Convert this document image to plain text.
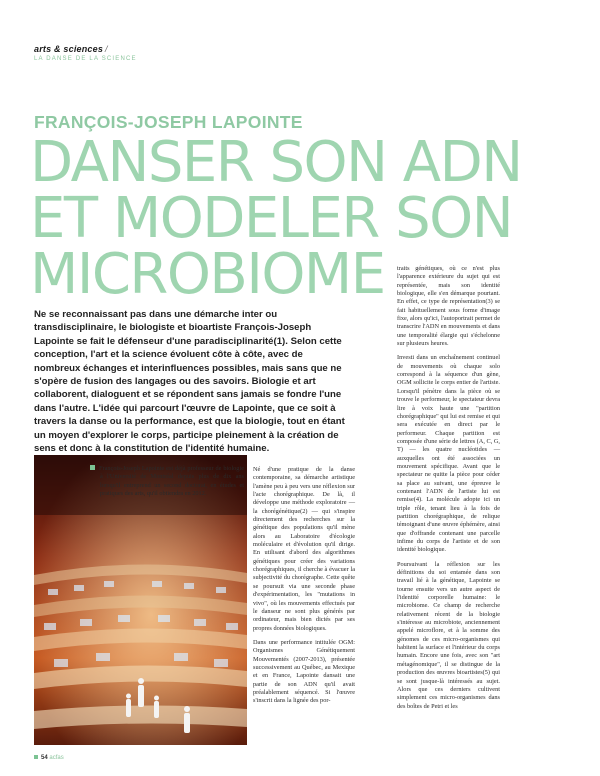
arts & sciences /
LA DANSE DE LA SCIENCE
FRANÇOIS-JOSEPH LAPOINTE
DANSER SON ADN
ET MODELER SON
MICROBIOME
Ne se reconnaissant pas dans une démarche inter ou transdisciplinaire, le biologiste et bioartiste François-Joseph Lapointe se fait le défenseur d'une paradisciplinarité(1). Selon cette conception, l'art et la science évoluent côte à côte, avec de nombreux échanges et interinfluences possibles, mais sans que ne s'opère de fusion des langages ou des savoirs. Biologie et art collaborent, dialoguent et se répondent sans jamais se fondre l'une dans l'autre. L'idée qui parcourt l'œuvre de Lapointe, que ce soit à travers la danse ou la performance, est que la biologie, tout en étant un moyen d'explorer le corps, participe pleinement à la création de sens et donc à la constitution de l'identité humaine.

François-Joseph Lapointe est déjà professeur de biologie à l'Université de Montréal depuis plus de dix ans lorsqu'il entreprend un second doctorat, en études et pratiques des arts, qu'il obtiendra en 2012.

Né d'une pratique de la danse contemporaine, sa démarche artistique l'amène peu à peu vers une réflexion sur l'acte chorégraphique. De là, il développe une méthode exploratoire — la chorégénétique(2) — qui s'inspire directement des recherches sur la génétique des populations qu'il mène alors au Laboratoire d'écologie moléculaire et d'évolution qu'il dirige. En utilisant d'abord des algorithmes génétiques pour créer des variations chorégraphiques, il cherche à évacuer la subjectivité du chorégraphe. Cette quête se poursuit via une seconde phase d'expérimentation, les "mutations in vivo", où les mouvements effectués par le danseur ne sont plus générés par ordinateur, mais bien dictés par ses propres données biologiques.

Dans une performance intitulée OGM: Organismes Génétiquement Mouvementés (2007-2013), présentée successivement au Québec, au Mexique et en France, Lapointe dansait une partie de son ADN qu'il avait préalablement séquencé. Si l'œuvre s'inscrit dans la lignée des por-

traits génétiques, où ce n'est plus l'apparence extérieure du sujet qui est représentée, mais son identité biologique, elle s'en démarque pourtant. En effet, ce type de représentation(3) se fait habituellement sous forme d'image fixe, alors qu'ici, l'autoportrait permet de transcrire l'ADN en mouvements et dans une temporalité élargie qui s'échelonne sur plusieurs heures.

Investi dans un enchaînement continuel de mouvements où chaque solo correspond à la séquence d'un gène, OGM sollicite le corps entier de l'artiste. Lorsqu'il pénètre dans la pièce où se trouve le performeur, le spectateur devra lire à voix haute une "partition chorégraphique" qui lui est remise et qui sera exécutée en direct par le performeur. Chaque partition est composée d'une série de lettres (A, C, G, T) — les quatre nucléotides — auxquelles ont été associées un mouvement spécifique. Avant que le spectateur ne quitte la pièce pour céder sa place au suivant, une épreuve le contenant l'ADN de l'artiste lui est remise(4). La molécule adopte ici un triple rôle, tenant lieu à la fois de partition chorégraphique, de relique témoignant d'une œuvre éphémère, ainsi que d'offrande contenant une parcelle infime du corps de l'artiste et de son identité biologique.

Poursuivant la réflexion sur les définitions du soi entamée dans son travail lié à la génétique, Lapointe se tourne ensuite vers un autre aspect de l'identité corporelle humaine: le microbiome. Ce champ de recherche relativement récent de la biologie s'intéresse au microbiote, anciennement appelé microflore, et à la somme des génomes de ces micro-organismes qui habitent la surface et l'intérieur du corps humain. Encore une fois, avec son "art métagénomique", il se distingue de la production des œuvres bioartistes(5) qui se sont jusque-là intéressés au sujet. Alors que ces derniers cultivent simplement ces micro-organismes dans des boîtes de Petri et les

54 acfas
